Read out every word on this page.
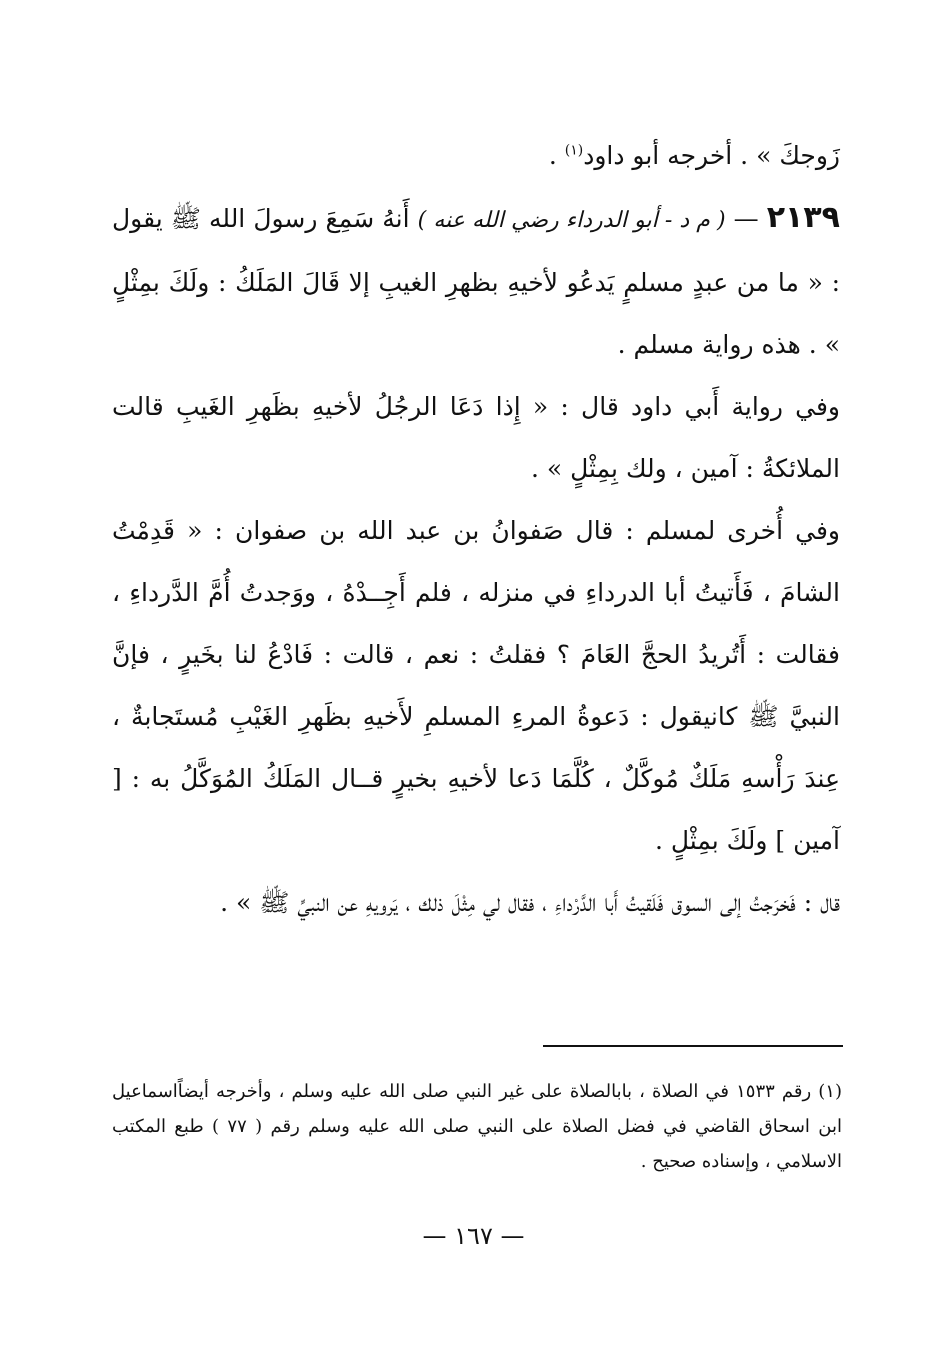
زَوجكَ » . أخرجه أبو داود$^{(١)}$ .

٢١٣٩ — ( م د - أبو الدرداء رضي الله عنه ) أَنهُ سَمِعَ رسولَ الله ﷺ يقول : « ما من عبدٍ مسلمٍ يَدعُو لأخيهِ بظهرِ الغيبِ إلا قَالَ المَلَكُ : ولَكَ بمِثْلٍ » . هذه رواية مسلم .

وفي رواية أَبي داود قال : « إِذا دَعَا الرجُلُ لأخيهِ بظَهرِ الغَيبِ قالت الملائكةُ : آمين ، ولك بِمِثْلٍ » .

وفي أُخرى لمسلم : قال صَفوانُ بن عبد الله بن صفوان : « قَدِمْتُ الشامَ ، فَأَتيتُ أبا الدرداءِ في منزله ، فلم أَجِــدْهُ ، ووَجدتُ أُمَّ الدَّرداءِ ، فقالت : أَتُريدُ الحجَّ العَامَ ؟ فقلتُ : نعم ، قالت : فَادْعُ لنا بخَيرٍ ، فإنَّ النبيَّ ﷺ كانيقول : دَعوةُ المرءِ المسلمِ لأَخيهِ بظَهرِ الغَيْبِ مُستَجابةٌ ، عِندَ رَأْسهِ مَلَكٌ مُوكَّلٌ ، كُلَّمَا دَعا لأخيهِ بخيرٍ قــال المَلَكُ المُوَكَّلُ به : [ آمين ] ولَكَ بمِثْلٍ .

قال : فَخرَجتُ إلى السوق فَلَقيتُ أَبا الدَّرْداءِ ، فقال لي مِثْلَ ذلك ، يَرويهِ عن النبيِّ ﷺ » .

(١) رقم ١٥٣٣ في الصلاة ، بابالصلاة على غير النبي صلى الله عليه وسلم ، وأخرجه أيضاًاسماعيل ابن اسحاق القاضي في فضل الصلاة على النبي صلى الله عليه وسلم رقم ( ٧٧ ) طبع المكتب الاسلامي ، وإسناده صحيح .
— ١٦٧ —
